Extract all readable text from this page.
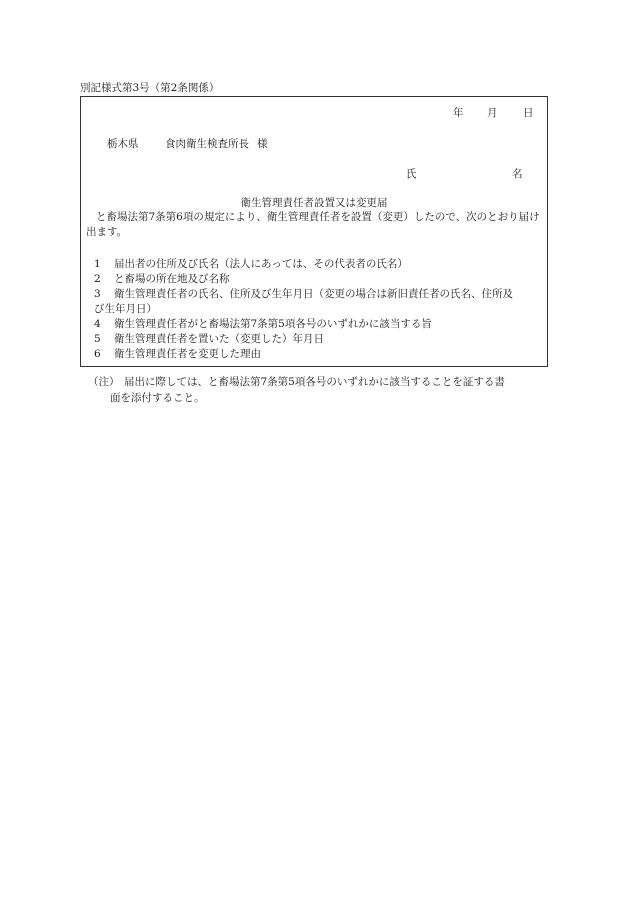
別記様式第3号（第2条関係）
年 月 日
栃木県	食肉衛生検査所長 様
氏	名
衛生管理責任者設置又は変更届
と畜場法第7条第6項の規定により、衛生管理責任者を設置（変更）したので、次のとおり届け出ます。
1 届出者の住所及び氏名（法人にあっては、その代表者の氏名）
2 と畜場の所在地及び名称
3 衛生管理責任者の氏名、住所及び生年月日（変更の場合は新旧責任者の氏名、住所及
び生年月日）
4 衛生管理責任者がと畜場法第7条第5項各号のいずれかに該当する旨
5 衛生管理責任者を置いた（変更した）年月日
6 衛生管理責任者を変更した理由
（注） 届出に際しては、と畜場法第7条第5項各号のいずれかに該当することを証する書
面を添付すること。
